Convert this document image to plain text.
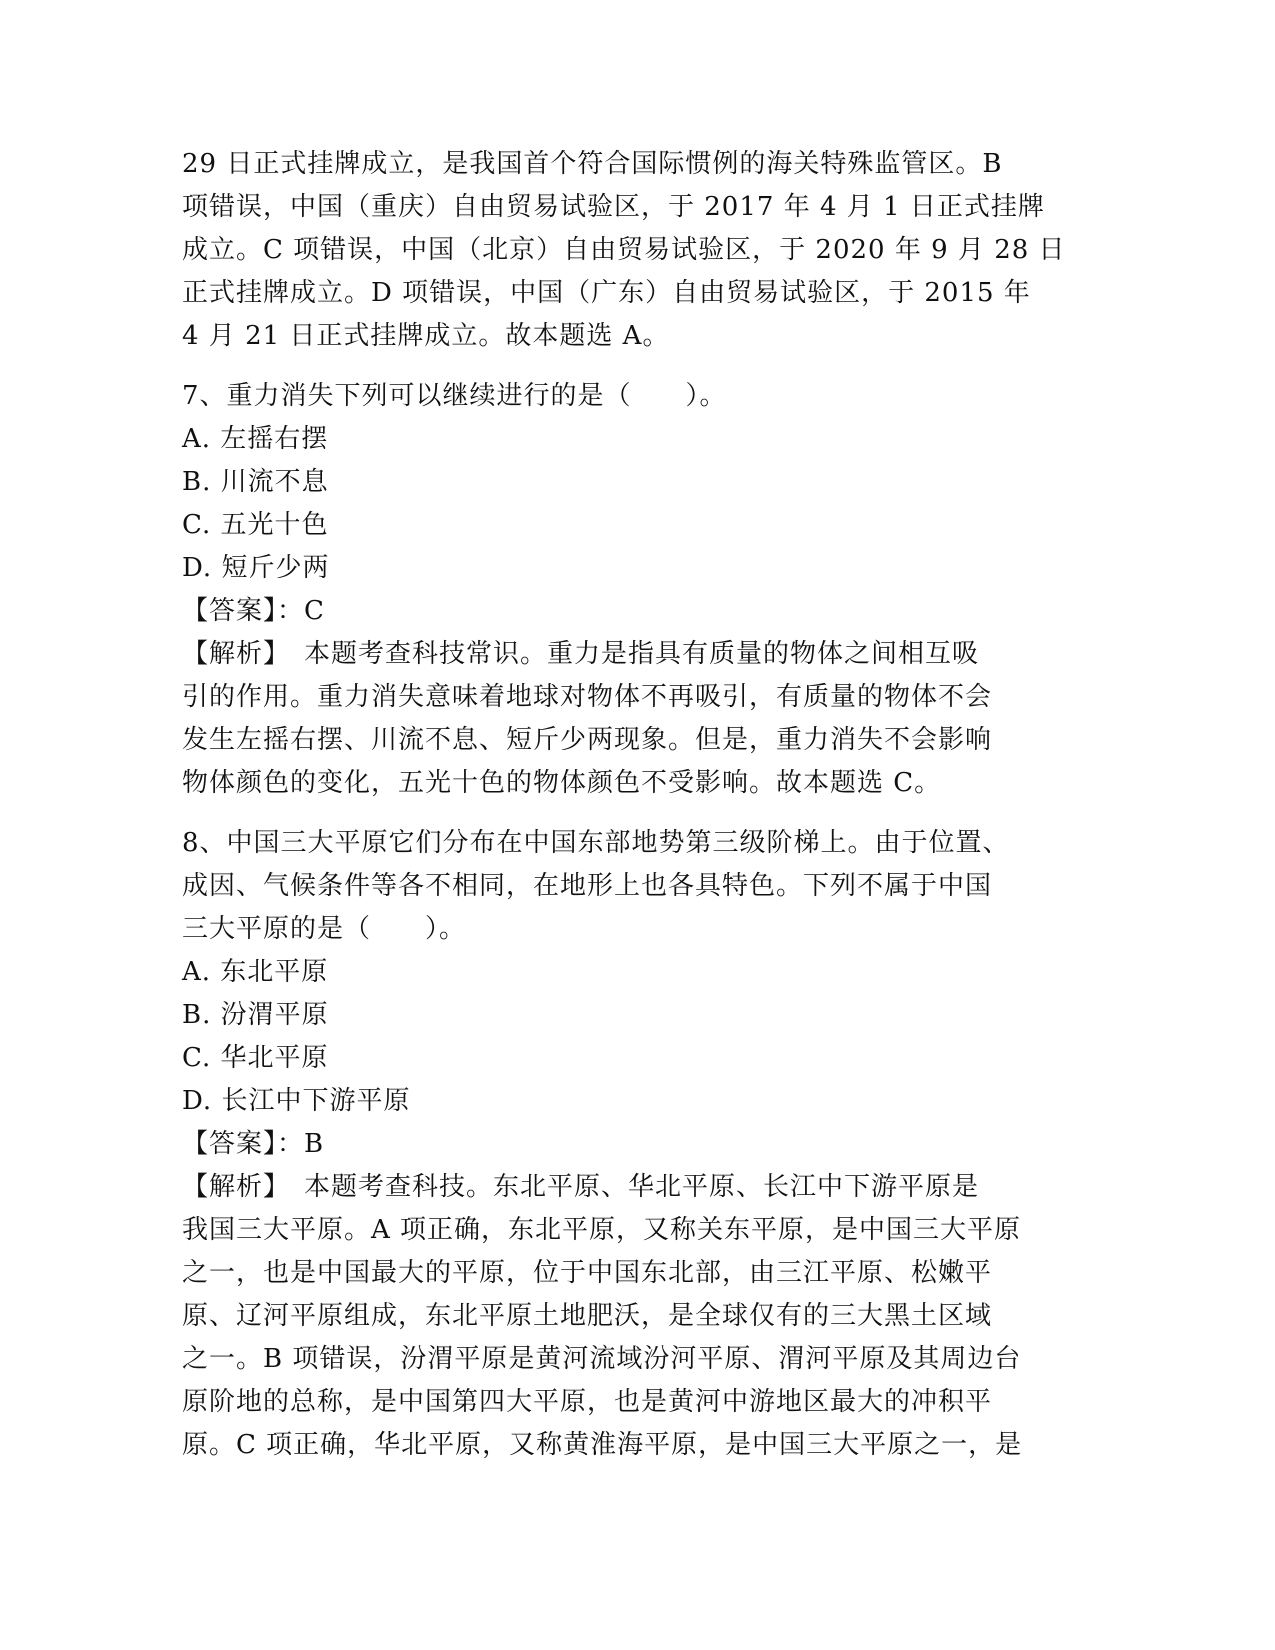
29 日正式挂牌成立，是我国首个符合国际惯例的海关特殊监管区。B
项错误，中国（重庆）自由贸易试验区，于 2017 年 4 月 1 日正式挂牌
成立。C 项错误，中国（北京）自由贸易试验区，于 2020 年 9 月 28 日
正式挂牌成立。D 项错误，中国（广东）自由贸易试验区，于 2015 年
4 月 21 日正式挂牌成立。故本题选 A。
7、重力消失下列可以继续进行的是（　　）。
A. 左摇右摆
B. 川流不息
C. 五光十色
D. 短斤少两
【答案】：C
【解析】　本题考查科技常识。重力是指具有质量的物体之间相互吸
引的作用。重力消失意味着地球对物体不再吸引，有质量的物体不会
发生左摇右摆、川流不息、短斤少两现象。但是，重力消失不会影响
物体颜色的变化，五光十色的物体颜色不受影响。故本题选 C。
8、中国三大平原它们分布在中国东部地势第三级阶梯上。由于位置、
成因、气候条件等各不相同，在地形上也各具特色。下列不属于中国
三大平原的是（　　）。
A. 东北平原
B. 汾渭平原
C. 华北平原
D. 长江中下游平原
【答案】：B
【解析】　本题考查科技。东北平原、华北平原、长江中下游平原是
我国三大平原。A 项正确，东北平原，又称关东平原，是中国三大平原
之一，也是中国最大的平原，位于中国东北部，由三江平原、松嫩平
原、辽河平原组成，东北平原土地肥沃，是全球仅有的三大黑土区域
之一。B 项错误，汾渭平原是黄河流域汾河平原、渭河平原及其周边台
原阶地的总称，是中国第四大平原，也是黄河中游地区最大的冲积平
原。C 项正确，华北平原，又称黄淮海平原，是中国三大平原之一，是
